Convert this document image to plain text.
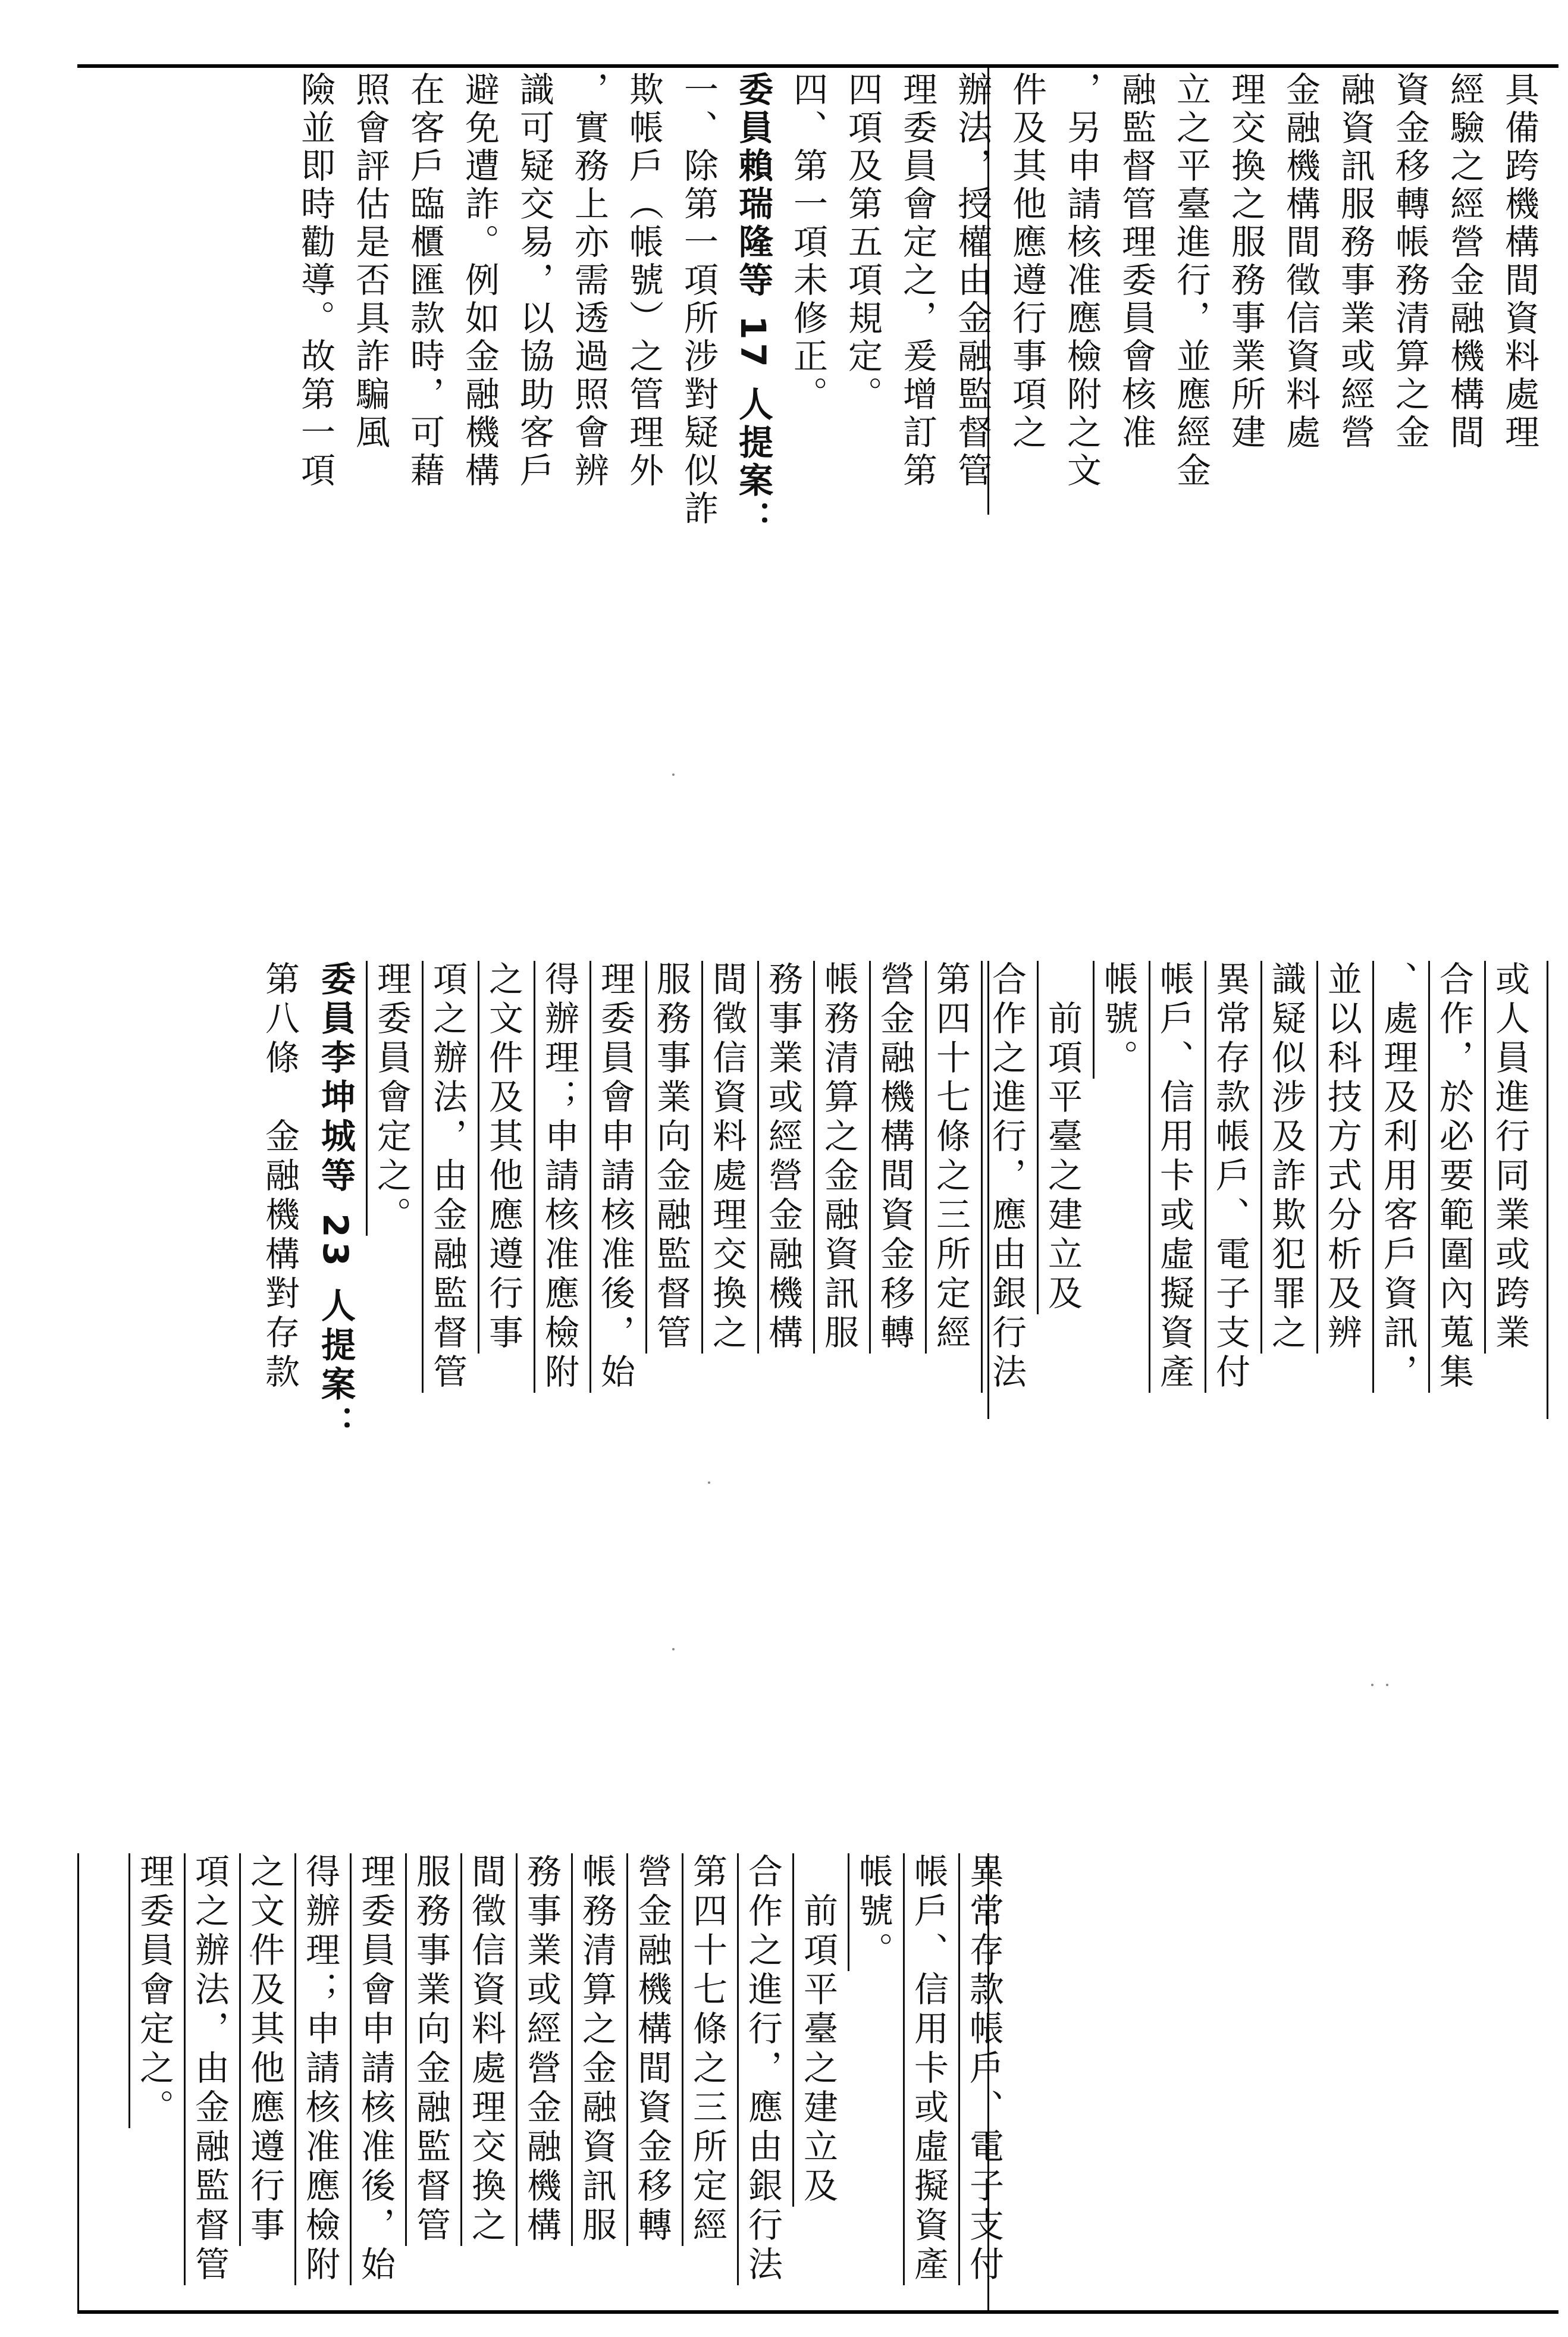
具備跨機構間資料處理
經驗之經營金融機構間
資金移轉帳務清算之金
融資訊服務事業或經營
金融機構間徵信資料處
理交換之服務事業所建
立之平臺進行，並應經金
融監督管理委員會核准
，另申請核准應檢附之文
件及其他應遵行事項之
辦法，授權由金融監督管
理委員會定之，爰增訂第
四項及第五項規定。
四、第一項未修正。
委員賴瑞隆等 17 人提案：
一、除第一項所涉對疑似詐
欺帳戶（帳號）之管理外
，實務上亦需透過照會辨
識可疑交易，以協助客戶
避免遭詐。例如金融機構
在客戶臨櫃匯款時，可藉
照會評估是否具詐騙風
險並即時勸導。故第一項
或人員進行同業或跨業
合作，於必要範圍內蒐集
、處理及利用客戶資訊，
並以科技方式分析及辨
識疑似涉及詐欺犯罪之
異常存款帳戶、電子支付
帳戶、信用卡或虛擬資產
帳號。
　前項平臺之建立及
合作之進行，應由銀行法
第四十七條之三所定經
營金融機構間資金移轉
帳務清算之金融資訊服
務事業或經營金融機構
間徵信資料處理交換之
服務事業向金融監督管
理委員會申請核准後，始
得辦理；申請核准應檢附
之文件及其他應遵行事
項之辦法，由金融監督管
理委員會定之。
委員李坤城等 23 人提案：
第八條　金融機構對存款
異常存款帳戶、電子支付
帳戶、信用卡或虛擬資產
帳號。
　前項平臺之建立及
合作之進行，應由銀行法
第四十七條之三所定經
營金融機構間資金移轉
帳務清算之金融資訊服
務事業或經營金融機構
間徵信資料處理交換之
服務事業向金融監督管
理委員會申請核准後，始
得辦理；申請核准應檢附
之文件及其他應遵行事
項之辦法，由金融監督管
理委員會定之。
